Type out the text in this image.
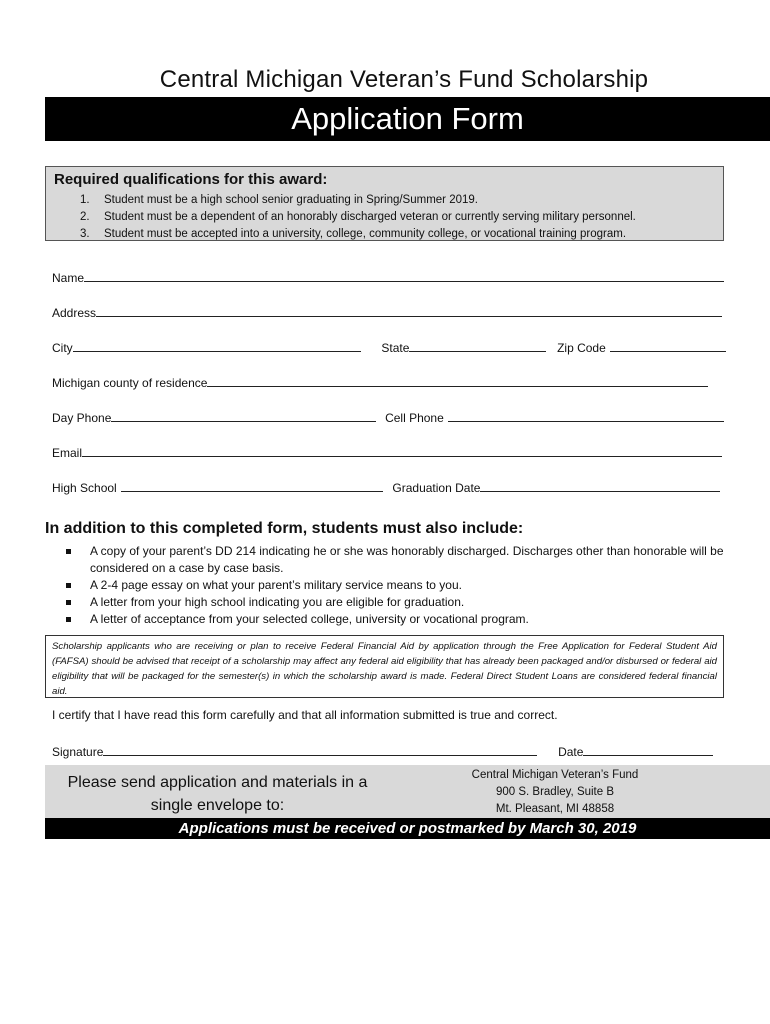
Central Michigan Veteran’s Fund Scholarship
Application Form
Required qualifications for this award:
1. Student must be a high school senior graduating in Spring/Summer 2019.
2. Student must be a dependent of an honorably discharged veteran or currently serving military personnel.
3. Student must be accepted into a university, college, community college, or vocational training program.
Name
Address
City	State	Zip Code
Michigan county of residence
Day Phone	Cell Phone
Email
High School	Graduation Date
In addition to this completed form, students must also include:
A copy of your parent’s DD 214 indicating he or she was honorably discharged. Discharges other than honorable will be considered on a case by case basis.
A 2-4 page essay on what your parent’s military service means to you.
A letter from your high school indicating you are eligible for graduation.
A letter of acceptance from your selected college, university or vocational program.
Scholarship applicants who are receiving or plan to receive Federal Financial Aid by application through the Free Application for Federal Student Aid (FAFSA) should be advised that receipt of a scholarship may affect any federal aid eligibility that has already been packaged and/or disbursed or federal aid eligibility that will be packaged for the semester(s) in which the scholarship award is made. Federal Direct Student Loans are considered federal financial aid.
I certify that I have read this form carefully and that all information submitted is true and correct.
Signature	Date
Please send application and materials in a
single envelope to:
Central Michigan Veteran’s Fund
900 S. Bradley, Suite B
Mt. Pleasant, MI 48858
Applications must be received or postmarked by March 30, 2019
